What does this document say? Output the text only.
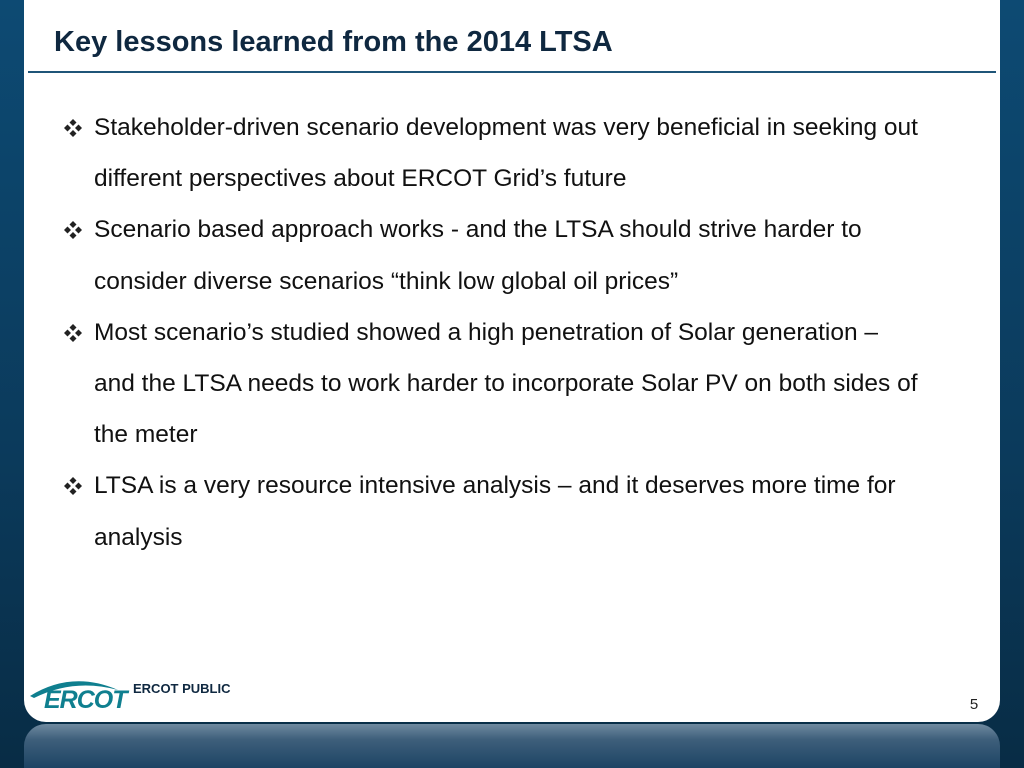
Key lessons learned from the 2014 LTSA
Stakeholder-driven scenario development was very beneficial in seeking out different perspectives about ERCOT Grid’s future
Scenario based approach works - and the LTSA should strive harder to consider diverse scenarios “think low global oil prices”
Most scenario’s studied showed a high penetration of Solar generation – and the LTSA needs to work harder to incorporate Solar PV on both sides of the meter
LTSA is a very resource intensive analysis – and it deserves more time for analysis
ERCOT ERCOT PUBLIC
5
